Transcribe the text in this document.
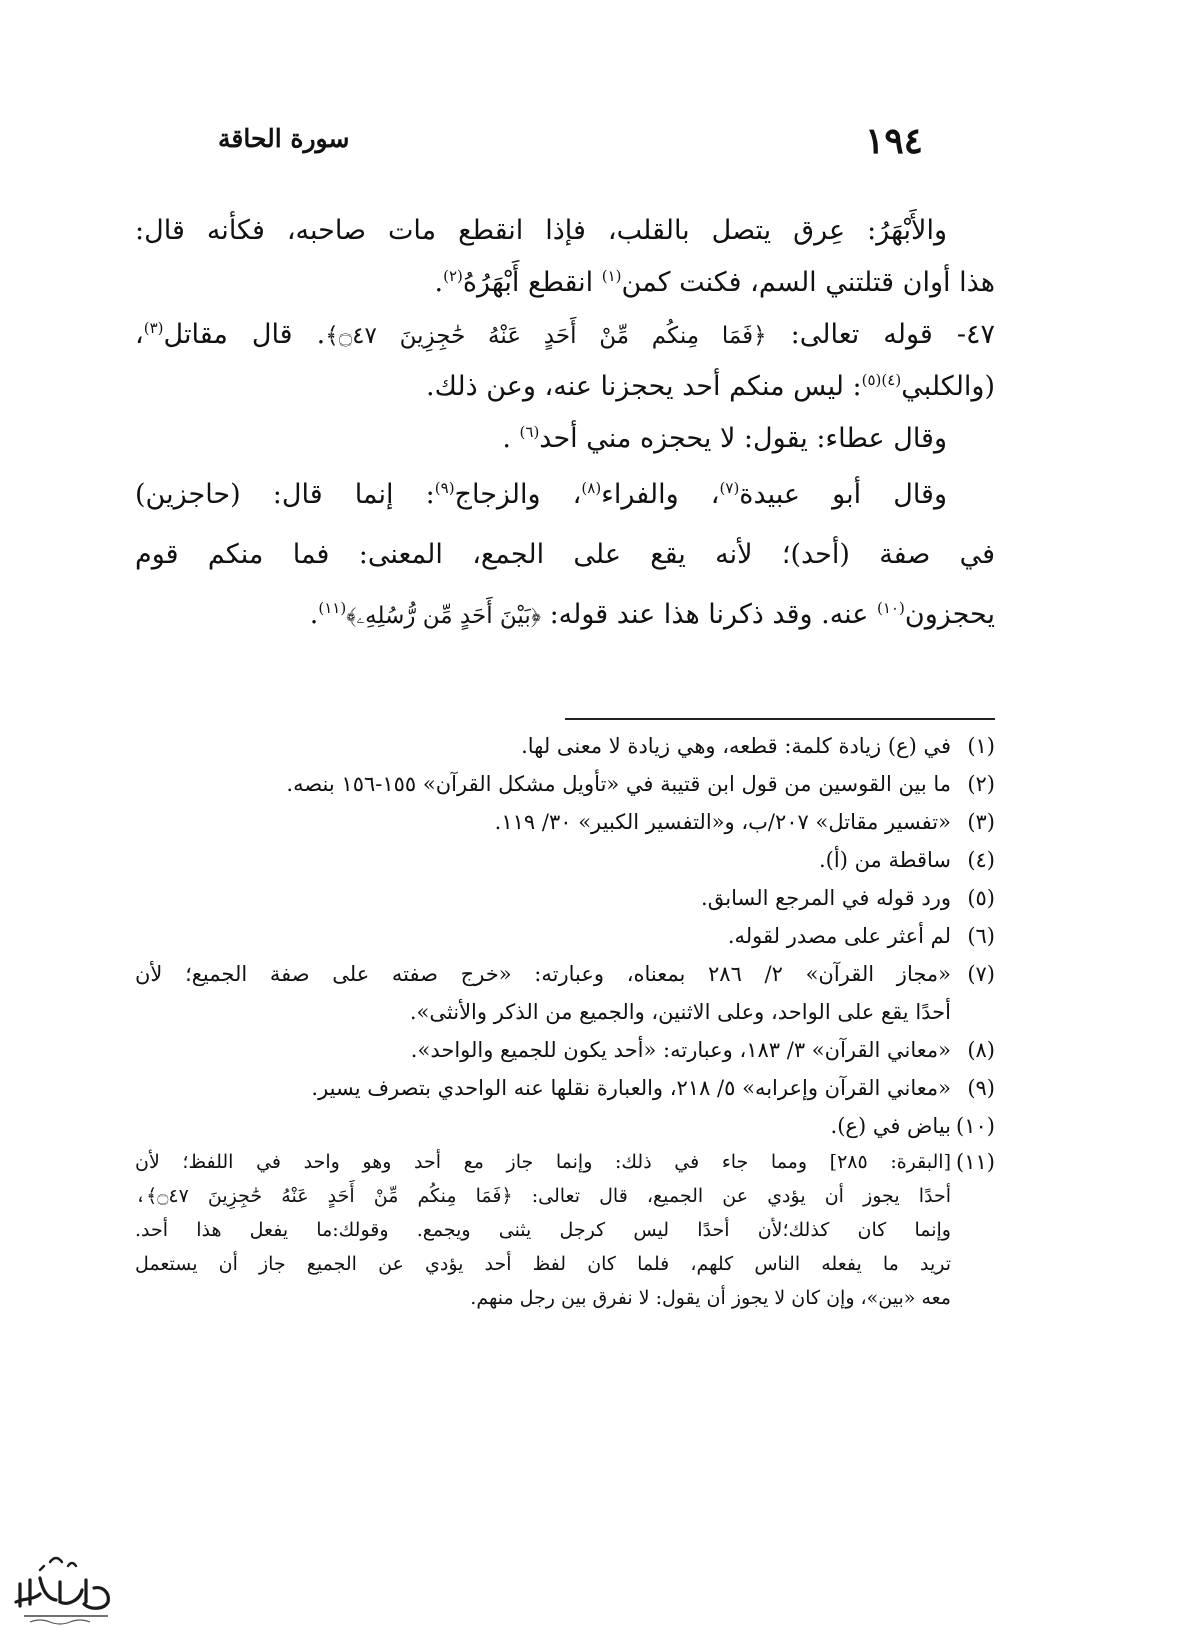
١٩٤
سورة الحاقة
والأَبْهَرُ: عِرق يتصل بالقلب، فإذا انقطع مات صاحبه، فكأنه قال:
هذا أوان قتلتني السم، فكنت كمن$^{(١)}$ انقطع أَبْهَرُهُ$^{(٢)}$.
٤٧- قوله تعالى: ﴿فَمَا مِنكُم مِّنْ أَحَدٍ عَنْهُ حَٰجِزِينَ ۝٤٧﴾. قال مقاتل$^{(٣)}$،
(والكلبي$^{(٤)(٥)}$: ليس منكم أحد يحجزنا عنه، وعن ذلك.
وقال عطاء: يقول: لا يحجزه مني أحد$^{(٦)}$ .
وقال أبو عبيدة$^{(٧)}$، والفراء$^{(٨)}$، والزجاج$^{(٩)}$: إنما قال: (حاجزين)
في صفة (أحد)؛ لأنه يقع على الجمع، المعنى: فما منكم قوم
يحجزون$^{(١٠)}$ عنه. وقد ذكرنا هذا عند قوله: ﴿بَيْنَ أَحَدٍ مِّن رُّسُلِهِۦ﴾$^{(١١)}$.
(١)
في (ع) زيادة كلمة: قطعه، وهي زيادة لا معنى لها.
(٢)
ما بين القوسين من قول ابن قتيبة في «تأويل مشكل القرآن» ١٥٥-١٥٦ بنصه.
(٣)
«تفسير مقاتل» ٢٠٧/ب، و«التفسير الكبير» ٣٠/ ١١٩.
(٤)
ساقطة من (أ).
(٥)
ورد قوله في المرجع السابق.
(٦)
لم أعثر على مصدر لقوله.
(٧)
«مجاز القرآن» ٢/ ٢٨٦ بمعناه، وعبارته: «خرج صفته على صفة الجميع؛ لأن
أحدًا يقع على الواحد، وعلى الاثنين، والجميع من الذكر والأنثى».
(٨)
«معاني القرآن» ٣/ ١٨٣، وعبارته: «أحد يكون للجميع والواحد».
(٩)
«معاني القرآن وإعرابه» ٥/ ٢١٨، والعبارة نقلها عنه الواحدي بتصرف يسير.
(١٠)
بياض في (ع).
(١١)
[البقرة: ٢٨٥] ومما جاء في ذلك: وإنما جاز مع أحد وهو واحد في اللفظ؛ لأن
أحدًا يجوز أن يؤدي عن الجميع، قال تعالى: ﴿فَمَا مِنكُم مِّنْ أَحَدٍ عَنْهُ حَٰجِزِينَ ۝٤٧﴾،
وإنما كان كذلك؛لأن أحدًا ليس كرجل يثنى ويجمع. وقولك:ما يفعل هذا أحد.
تريد ما يفعله الناس كلهم، فلما كان لفظ أحد يؤدي عن الجميع جاز أن يستعمل
معه «بين»، وإن كان لا يجوز أن يقول: لا نفرق بين رجل منهم.
